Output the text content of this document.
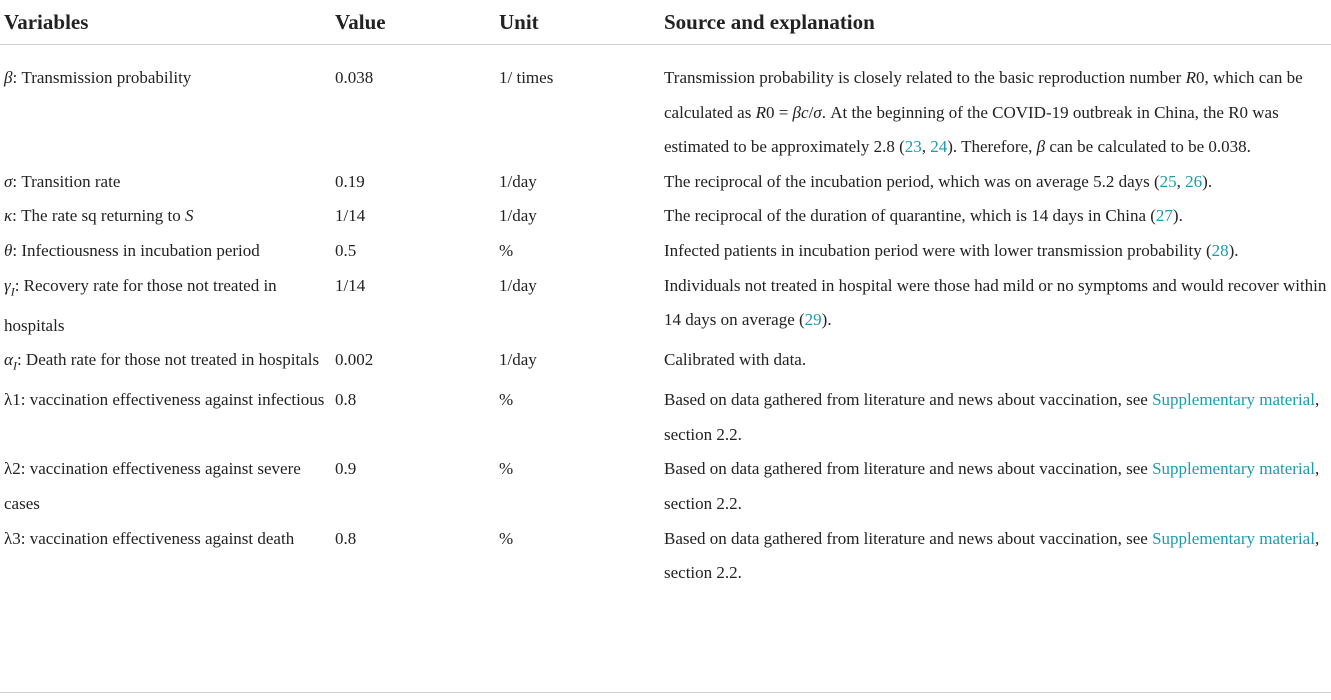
Variables	Value	Unit	Source and explanation
β: Transmission probability	0.038	1/ times	Transmission probability is closely related to the basic reproduction number R0, which can be calculated as R0 = βc/σ. At the beginning of the COVID-19 outbreak in China, the R0 was estimated to be approximately 2.8 (23, 24). Therefore, β can be calculated to be 0.038.
σ: Transition rate	0.19	1/day	The reciprocal of the incubation period, which was on average 5.2 days (25, 26).
κ: The rate sq returning to S	1/14	1/day	The reciprocal of the duration of quarantine, which is 14 days in China (27).
θ: Infectiousness in incubation period	0.5	%	Infected patients in incubation period were with lower transmission probability (28).
$\gamma_I$: Recovery rate for those not treated in hospitals	1/14	1/day	Individuals not treated in hospital were those had mild or no symptoms and would recover within 14 days on average (29).
$\alpha_I$: Death rate for those not treated in hospitals	0.002	1/day	Calibrated with data.
λ1: vaccination effectiveness against infectious	0.8	%	Based on data gathered from literature and news about vaccination, see Supplementary material, section 2.2.
λ2: vaccination effectiveness against severe cases	0.9	%	Based on data gathered from literature and news about vaccination, see Supplementary material, section 2.2.
λ3: vaccination effectiveness against death	0.8	%	Based on data gathered from literature and news about vaccination, see Supplementary material, section 2.2.
